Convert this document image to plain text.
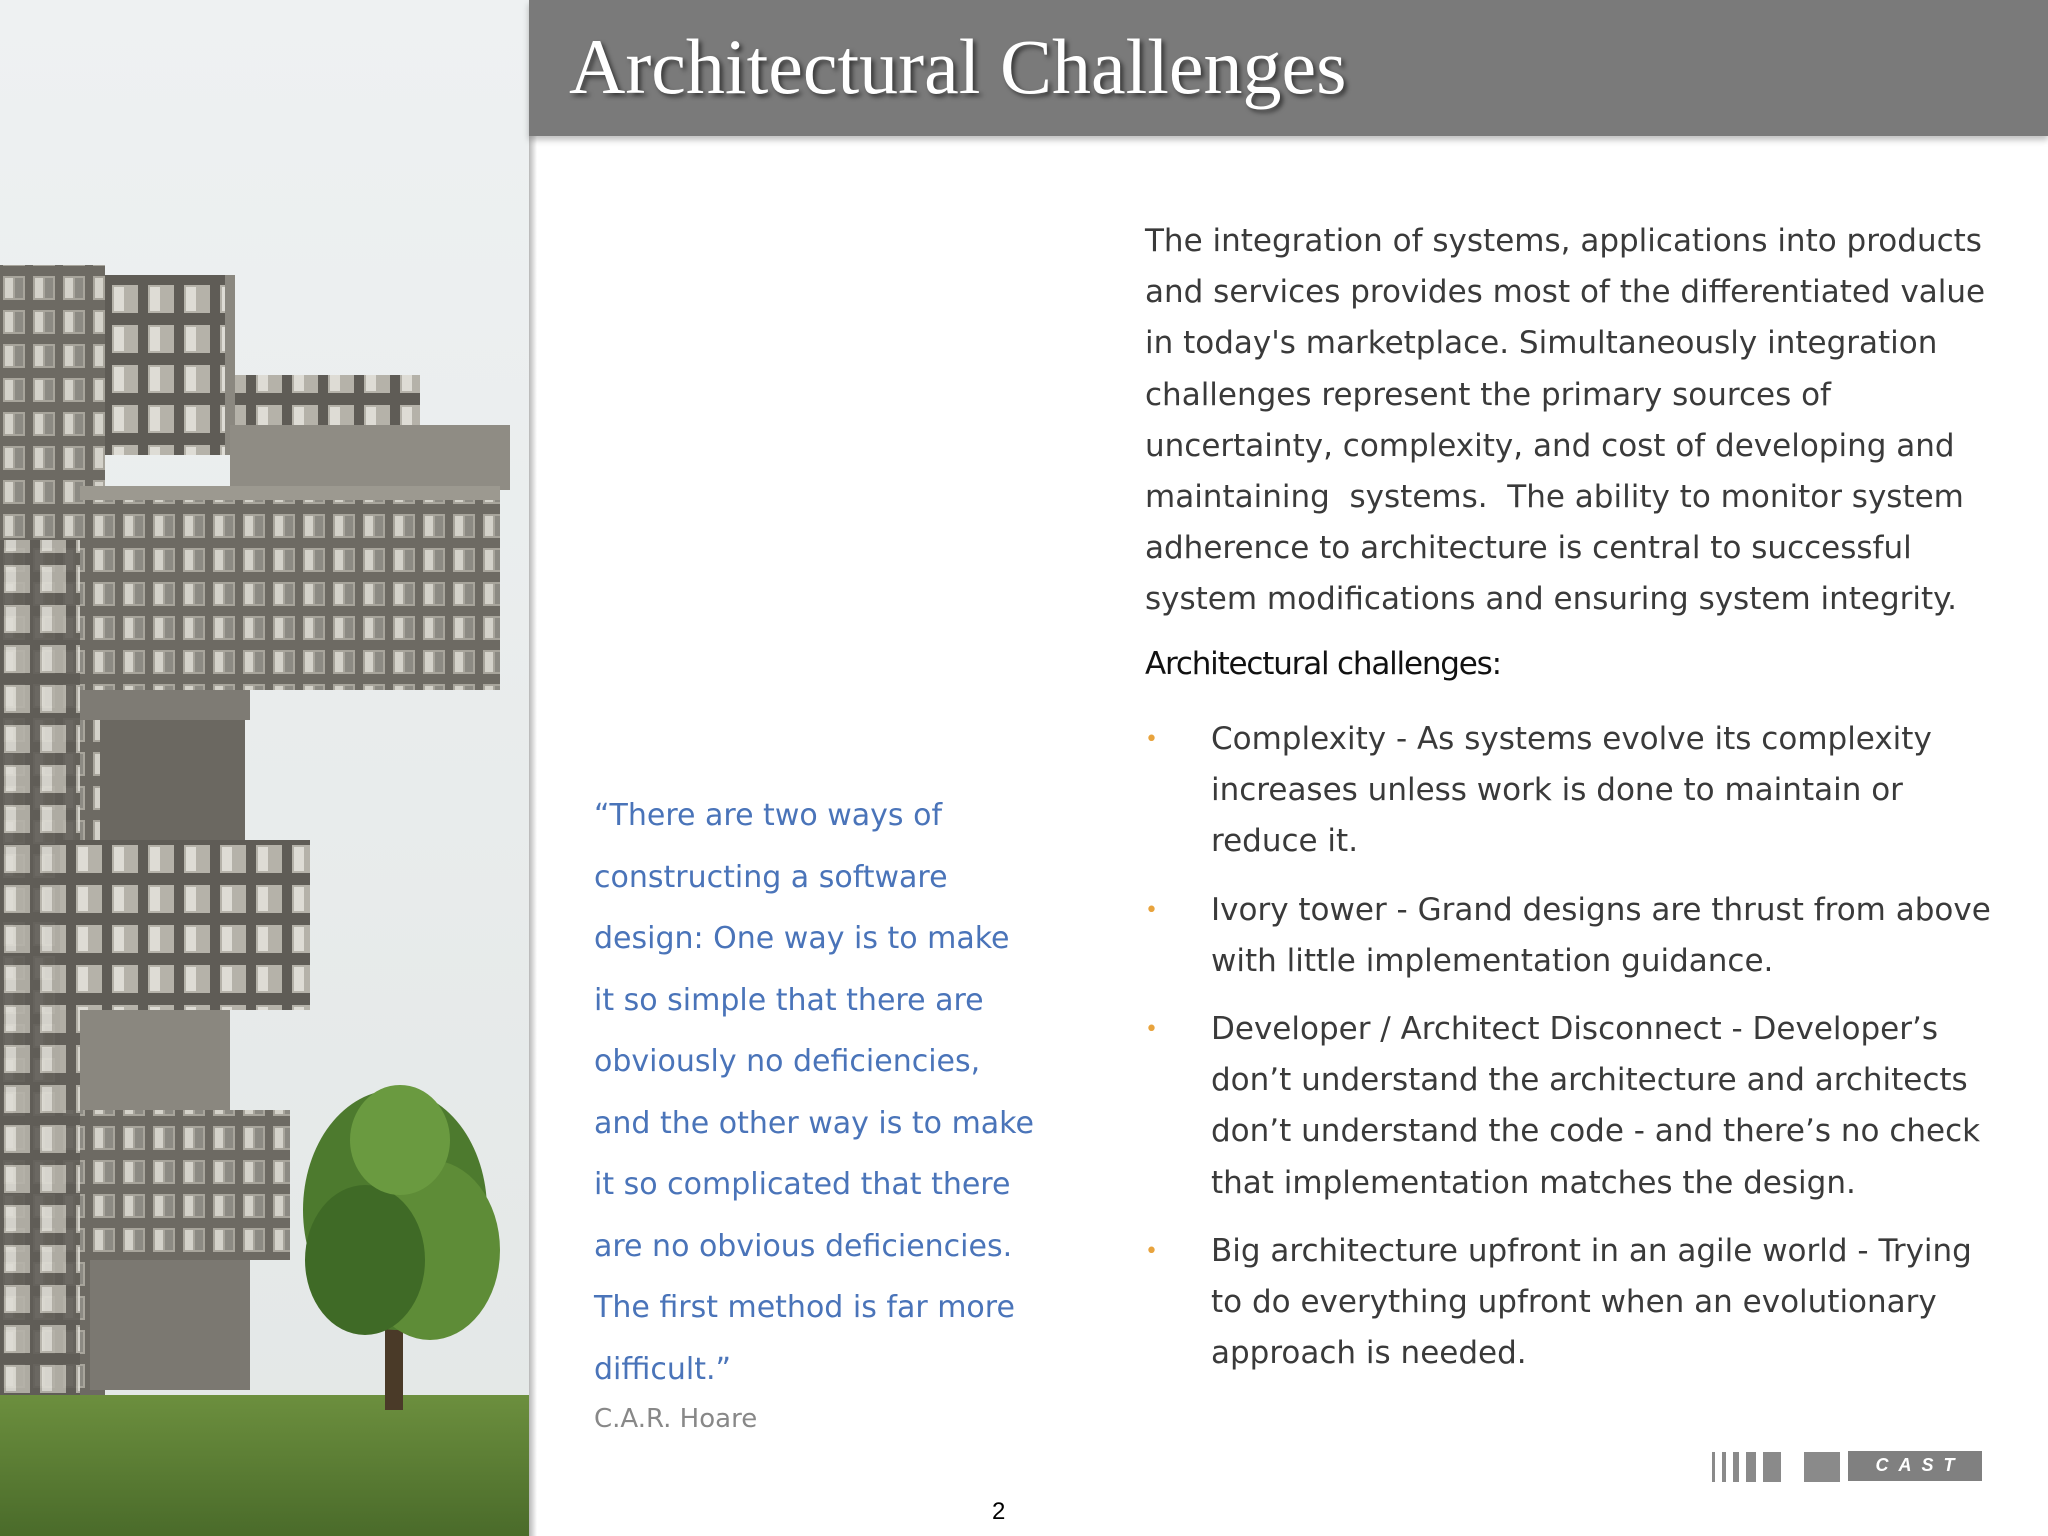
Architectural Challenges
“There are two ways of
constructing a software
design: One way is to make
it so simple that there are
obviously no deficiencies,
and the other way is to make
it so complicated that there
are no obvious deficiencies.
The first method is far more
difficult.”
C.A.R. Hoare
The integration of systems, applications into products
and services provides most of the differentiated value
in today's marketplace. Simultaneously integration
challenges represent the primary sources of
uncertainty, complexity, and cost of developing and
maintaining  systems.  The ability to monitor system
adherence to architecture is central to successful
system modifications and ensuring system integrity.
Architectural challenges:
• Complexity - As systems evolve its complexity
increases unless work is done to maintain or
reduce it.
• Ivory tower - Grand designs are thrust from above
with little implementation guidance.
• Developer / Architect Disconnect - Developer’s
don’t understand the architecture and architects
don’t understand the code - and there’s no check
that implementation matches the design.
• Big architecture upfront in an agile world - Trying
to do everything upfront when an evolutionary
approach is needed.
2
CAST
